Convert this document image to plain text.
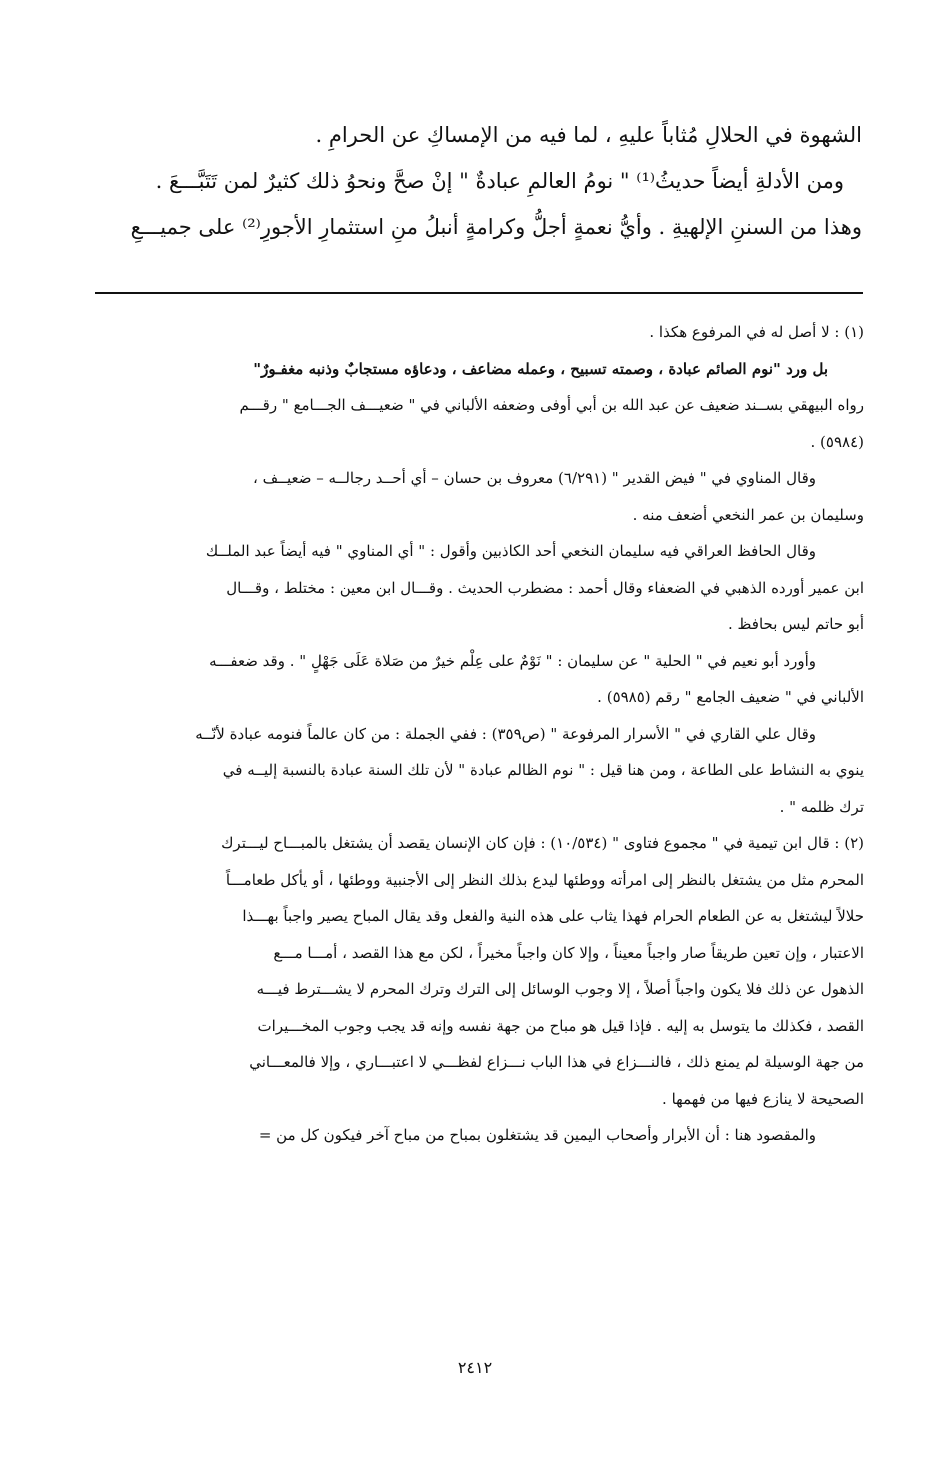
الشهوة في الحلالِ مُثاباً عليهِ ، لما فيه من الإمساكِ عن الحرامِ .

ومن الأدلةِ أيضاً حديثُ⁽¹⁾ " نومُ العالمِ عبادةٌ " إنْ صحَّ ونحوُ ذلك كثيرٌ لمن تَتَبَّـــعَ .

وهذا من السننِ الإلهيةِ . وأيُّ نعمةٍ أجلُّ وكرامةٍ أنبلُ منِ استثمارِ الأجورِ⁽²⁾ على جميـــعِ

(١) : لا أصل له في المرفوع هكذا .

بل ورد "نوم الصائم عبادة ، وصمته تسبيح ، وعمله مضاعف ، ودعاؤه مستجابٌ وذنبه مغفـورٌ"

رواه البيهقي بســند ضعيف عن عبد الله بن أبي أوفى وضعفه الألباني في " ضعيـــف الجـــامع " رقـــم

(٥٩٨٤) .

وقال المناوي في " فيض القدير " (٦/٢٩١) معروف بن حسان – أي أحــد رجالــه – ضعيــف ،

وسليمان بن عمر النخعي أضعف منه .

وقال الحافظ العراقي فيه سليمان النخعي أحد الكاذبين وأقول : " أي المناوي " فيه أيضاً عبد الملــك

ابن عمير أورده الذهبي في الضعفاء وقال أحمد : مضطرب الحديث . وقـــال ابن معين : مختلط ، وقـــال

أبو حاتم ليس بحافظ .

وأورد أبو نعيم في " الحلية " عن سليمان : " نَوْمٌ على عِلْم خيرٌ من صَلاة عَلَى جَهْلٍ " . وقد ضعفـــه

الألباني في " ضعيف الجامع " رقم (٥٩٨٥) .

وقال علي القاري في " الأسرار المرفوعة " (ص٣٥٩) : ففي الجملة : من كان عالماً فنومه عبادة لأنّــه

ينوي به النشاط على الطاعة ، ومن هنا قيل : " نوم الظالم عبادة " لأن تلك السنة عبادة بالنسبة إليــه في

ترك ظلمه " .

(٢) : قال ابن تيمية في " مجموع فتاوى " (١٠/٥٣٤) : فإن كان الإنسان يقصد أن يشتغل بالمبـــاح ليـــترك

المحرم مثل من يشتغل بالنظر إلى امرأته ووطئها ليدع بذلك النظر إلى الأجنبية ووطئها ، أو يأكل طعامـــاً

حلالاً ليشتغل به عن الطعام الحرام فهذا يثاب على هذه النية والفعل وقد يقال المباح يصير واجباً بهـــذا

الاعتبار ، وإن تعين طريقاً صار واجباً معيناً ، وإلا كان واجباً مخيراً ، لكن مع هذا القصد ، أمـــا مـــع

الذهول عن ذلك فلا يكون واجباً أصلاً ، إلا وجوب الوسائل إلى الترك وترك المحرم لا يشـــترط فيـــه

القصد ، فكذلك ما يتوسل به إليه . فإذا قيل هو مباح من جهة نفسه وإنه قد يجب وجوب المخـــيرات

من جهة الوسيلة لم يمنع ذلك ، فالنـــزاع في هذا الباب نـــزاع لفظـــي لا اعتبـــاري ، وإلا فالمعـــاني

الصحيحة لا ينازع فيها من فهمها .

والمقصود هنا : أن الأبرار وأصحاب اليمين قد يشتغلون بمباح من مباح آخر فيكون كل من =

٢٤١٢
